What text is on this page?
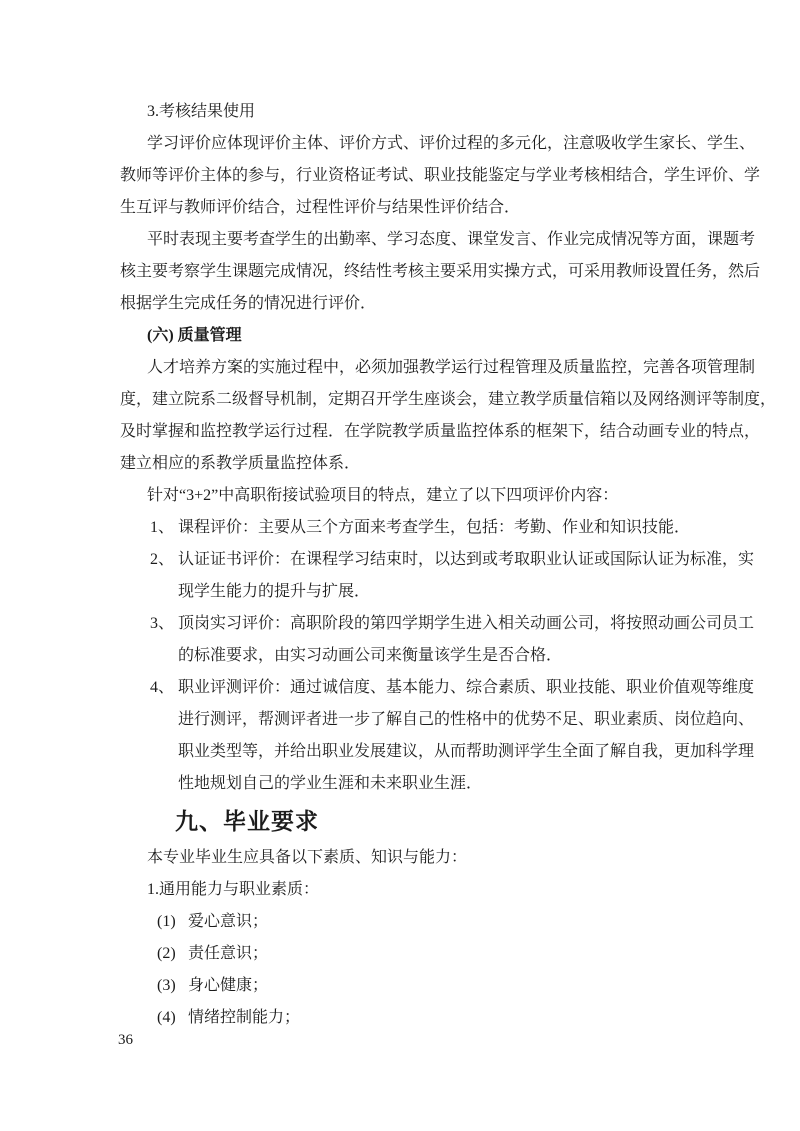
3.考核结果使用
学习评价应体现评价主体、评价方式、评价过程的多元化，注意吸收学生家长、学生、
教师等评价主体的参与，行业资格证考试、职业技能鉴定与学业考核相结合，学生评价、学
生互评与教师评价结合，过程性评价与结果性评价结合．
平时表现主要考查学生的出勤率、学习态度、课堂发言、作业完成情况等方面，课题考
核主要考察学生课题完成情况，终结性考核主要采用实操方式，可采用教师设置任务，然后
根据学生完成任务的情况进行评价．
(六) 质量管理
人才培养方案的实施过程中，必须加强教学运行过程管理及质量监控，完善各项管理制
度，建立院系二级督导机制，定期召开学生座谈会，建立教学质量信箱以及网络测评等制度，
及时掌握和监控教学运行过程．在学院教学质量监控体系的框架下，结合动画专业的特点，
建立相应的系教学质量监控体系．
针对“3+2”中高职衔接试验项目的特点，建立了以下四项评价内容：
1、 课程评价：主要从三个方面来考查学生，包括：考勤、作业和知识技能．
2、 认证证书评价：在课程学习结束时，以达到或考取职业认证或国际认证为标准，实
现学生能力的提升与扩展．
3、 顶岗实习评价：高职阶段的第四学期学生进入相关动画公司，将按照动画公司员工
的标准要求，由实习动画公司来衡量该学生是否合格．
4、 职业评测评价：通过诚信度、基本能力、综合素质、职业技能、职业价值观等维度
进行测评，帮测评者进一步了解自己的性格中的优势不足、职业素质、岗位趋向、
职业类型等，并给出职业发展建议，从而帮助测评学生全面了解自我，更加科学理
性地规划自己的学业生涯和未来职业生涯．
九、毕业要求
本专业毕业生应具备以下素质、知识与能力：
1.通用能力与职业素质：
(1) 爱心意识；
(2) 责任意识；
(3) 身心健康；
(4) 情绪控制能力；
36
